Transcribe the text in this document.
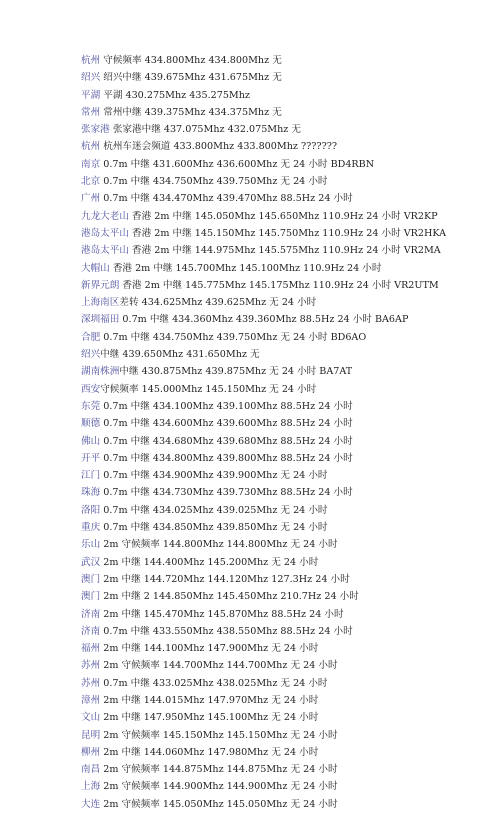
杭州 守候频率 434.800Mhz 434.800Mhz 无
绍兴 绍兴中继 439.675Mhz 431.675Mhz 无
平湖 平湖 430.275Mhz 435.275Mhz
常州 常州中继 439.375Mhz 434.375Mhz 无
张家港 张家港中继 437.075Mhz 432.075Mhz 无
杭州 杭州车迷会频道 433.800Mhz 433.800Mhz ???????
南京 0.7m 中继 431.600Mhz 436.600Mhz 无 24 小时 BD4RBN
北京 0.7m 中继 434.750Mhz 439.750Mhz 无 24 小时
广州 0.7m 中继 434.470Mhz 439.470Mhz 88.5Hz 24 小时
九龙大老山 香港 2m 中继 145.050Mhz 145.650Mhz 110.9Hz 24 小时 VR2KP
港岛太平山 香港 2m 中继 145.150Mhz 145.750Mhz 110.9Hz 24 小时 VR2HKA
港岛太平山 香港 2m 中继 144.975Mhz 145.575Mhz 110.9Hz 24 小时 VR2MA
大帽山 香港 2m 中继 145.700Mhz 145.100Mhz 110.9Hz 24 小时
新界元朗 香港 2m 中继 145.775Mhz 145.175Mhz 110.9Hz 24 小时 VR2UTM
上海南区差转 434.625Mhz 439.625Mhz 无 24 小时
深圳福田 0.7m 中继 434.360Mhz 439.360Mhz 88.5Hz 24 小时 BA6AP
合肥 0.7m 中继 434.750Mhz 439.750Mhz 无 24 小时 BD6AO
绍兴中继 439.650Mhz 431.650Mhz 无
湖南株洲中继 430.875Mhz 439.875Mhz 无 24 小时 BA7AT
西安守候频率 145.000Mhz 145.150Mhz 无 24 小时
东莞 0.7m 中继 434.100Mhz 439.100Mhz 88.5Hz 24 小时
顺德 0.7m 中继 434.600Mhz 439.600Mhz 88.5Hz 24 小时
佛山 0.7m 中继 434.680Mhz 439.680Mhz 88.5Hz 24 小时
开平 0.7m 中继 434.800Mhz 439.800Mhz 88.5Hz 24 小时
江门 0.7m 中继 434.900Mhz 439.900Mhz 无 24 小时
珠海 0.7m 中继 434.730Mhz 439.730Mhz 88.5Hz 24 小时
洛阳 0.7m 中继 434.025Mhz 439.025Mhz 无 24 小时
重庆 0.7m 中继 434.850Mhz 439.850Mhz 无 24 小时
乐山 2m 守候频率 144.800Mhz 144.800Mhz 无 24 小时
武汉 2m 中继 144.400Mhz 145.200Mhz 无 24 小时
澳门 2m 中继 144.720Mhz 144.120Mhz 127.3Hz 24 小时
澳门 2m 中继 2 144.850Mhz 145.450Mhz 210.7Hz 24 小时
济南 2m 中继 145.470Mhz 145.870Mhz 88.5Hz 24 小时
济南 0.7m 中继 433.550Mhz 438.550Mhz 88.5Hz 24 小时
福州 2m 中继 144.100Mhz 147.900Mhz 无 24 小时
苏州 2m 守候频率 144.700Mhz 144.700Mhz 无 24 小时
苏州 0.7m 中继 433.025Mhz 438.025Mhz 无 24 小时
漳州 2m 中继 144.015Mhz 147.970Mhz 无 24 小时
文山 2m 中继 147.950Mhz 145.100Mhz 无 24 小时
昆明 2m 守候频率 145.150Mhz 145.150Mhz 无 24 小时
柳州 2m 中继 144.060Mhz 147.980Mhz 无 24 小时
南昌 2m 守候频率 144.875Mhz 144.875Mhz 无 24 小时
上海 2m 守候频率 144.900Mhz 144.900Mhz 无 24 小时
大连 2m 守候频率 145.050Mhz 145.050Mhz 无 24 小时
